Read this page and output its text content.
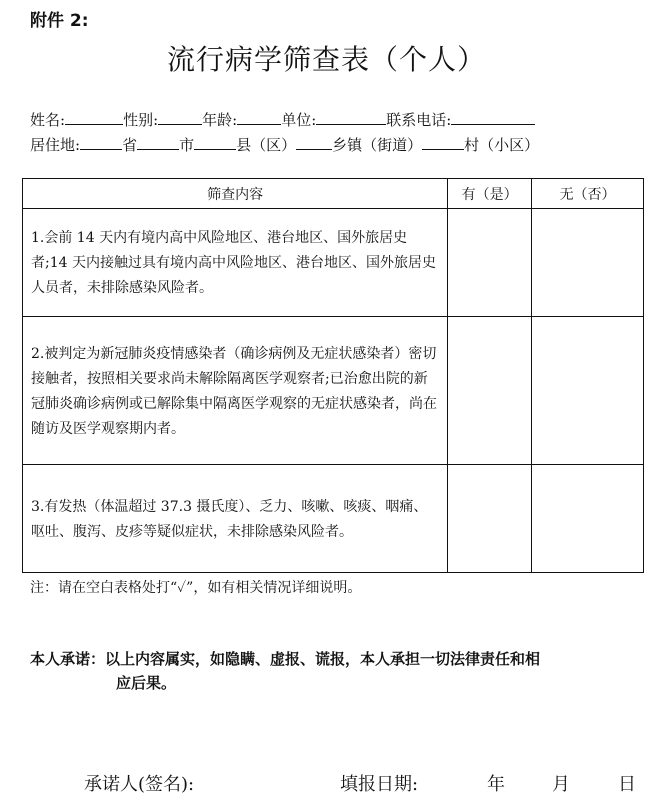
附件 2:
流行病学筛查表（个人）
姓名:	性别:	年龄:	单位:	联系电话:
居住地:	省	市	县（区） 乡镇（街道）	村（小区）
筛查内容	有（是）	无（否）
1.会前 14 天内有境内高中风险地区、港台地区、国外旅居史者;14 天内接触过具有境内高中风险地区、港台地区、国外旅居史人员者，未排除感染风险者。		
2.被判定为新冠肺炎疫情感染者（确诊病例及无症状感染者）密切接触者，按照相关要求尚未解除隔离医学观察者;已治愈出院的新冠肺炎确诊病例或已解除集中隔离医学观察的无症状感染者，尚在随访及医学观察期内者。		
3.有发热（体温超过 37.3 摄氏度）、乏力、咳嗽、咳痰、咽痛、呕吐、腹泻、皮疹等疑似症状，未排除感染风险者。		
注：请在空白表格处打“✓”，如有相关情况详细说明。
本人承诺：以上内容属实，如隐瞒、虚报、谎报，本人承担一切法律责任和相
应后果。
承诺人(签名):	填报日期:	年	月	日
